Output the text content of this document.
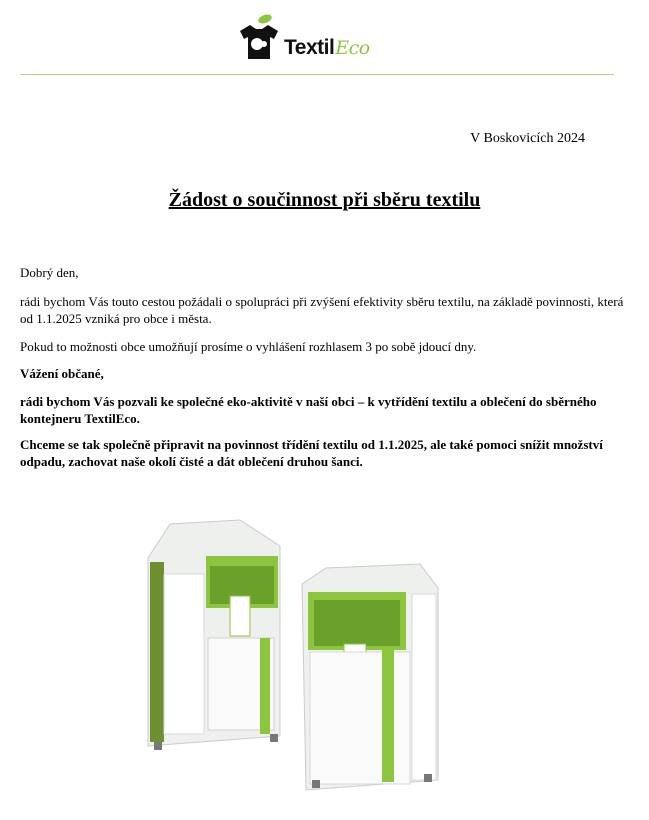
TextilEco
V Boskovicích 2024
Žádost o součinnost při sběru textilu

Dobrý den,

rádi bychom Vás touto cestou požádali o spolupráci při zvýšení efektivity sběru textilu, na základě povinnosti, která od 1.1.2025 vzniká pro obce i města.

Pokud to možnosti obce umožňují prosíme o vyhlášení rozhlasem 3 po sobě jdoucí dny.

Vážení občané,

rádi bychom Vás pozvali ke společné eko-aktivitě v naší obci – k vytřídění textilu a oblečení do sběrného kontejneru TextilEco.

Chceme se tak společně připravit na povinnost třídění textilu od 1.1.2025, ale také pomoci snížit množství odpadu, zachovat naše okolí čisté a dát oblečení druhou šanci.
